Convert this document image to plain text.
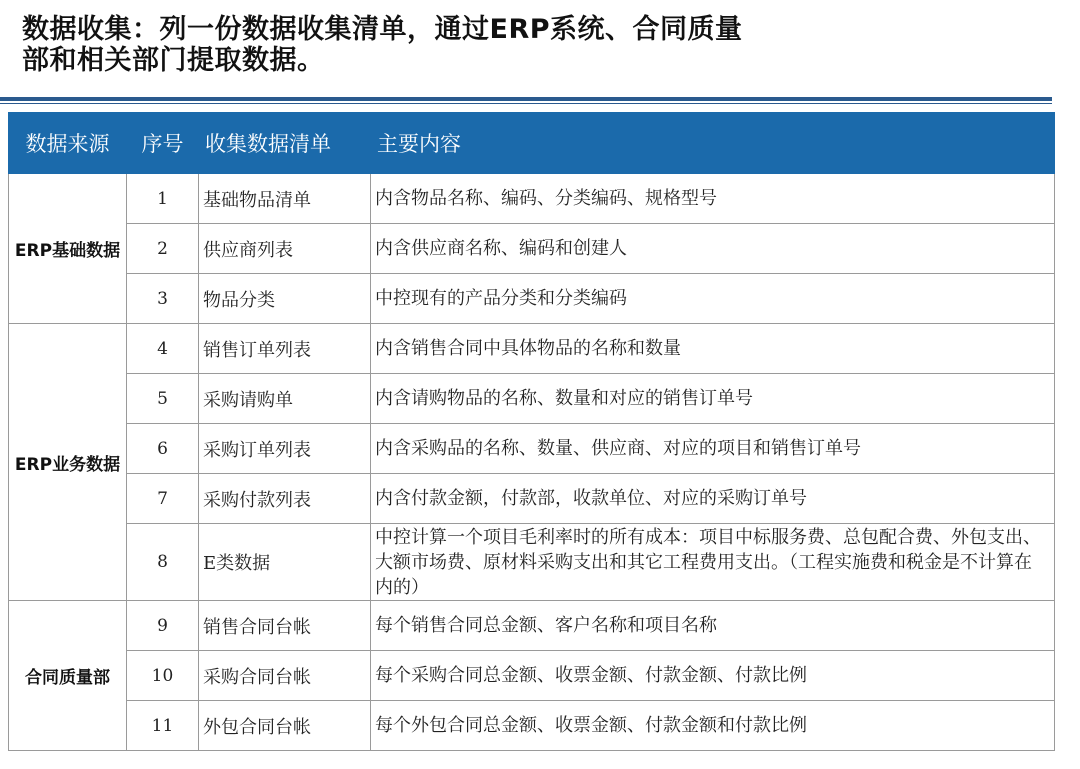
数据收集：列一份数据收集清单，通过ERP系统、合同质量
部和相关部门提取数据。
数据来源	序号	收集数据清单	主要内容
ERP基础数据	1	基础物品清单	内含物品名称、编码、分类编码、规格型号
	2	供应商列表	内含供应商名称、编码和创建人
	3	物品分类	中控现有的产品分类和分类编码
ERP业务数据	4	销售订单列表	内含销售合同中具体物品的名称和数量
	5	采购请购单	内含请购物品的名称、数量和对应的销售订单号
	6	采购订单列表	内含采购品的名称、数量、供应商、对应的项目和销售订单号
	7	采购付款列表	内含付款金额，付款部，收款单位、对应的采购订单号
	8	E类数据	中控计算一个项目毛利率时的所有成本：项目中标服务费、总包配合费、外包支出、大额市场费、原材料采购支出和其它工程费用支出。（工程实施费和税金是不计算在内的）
合同质量部	9	销售合同台帐	每个销售合同总金额、客户名称和项目名称
	10	采购合同台帐	每个采购合同总金额、收票金额、付款金额、付款比例
	11	外包合同台帐	每个外包合同总金额、收票金额、付款金额和付款比例
